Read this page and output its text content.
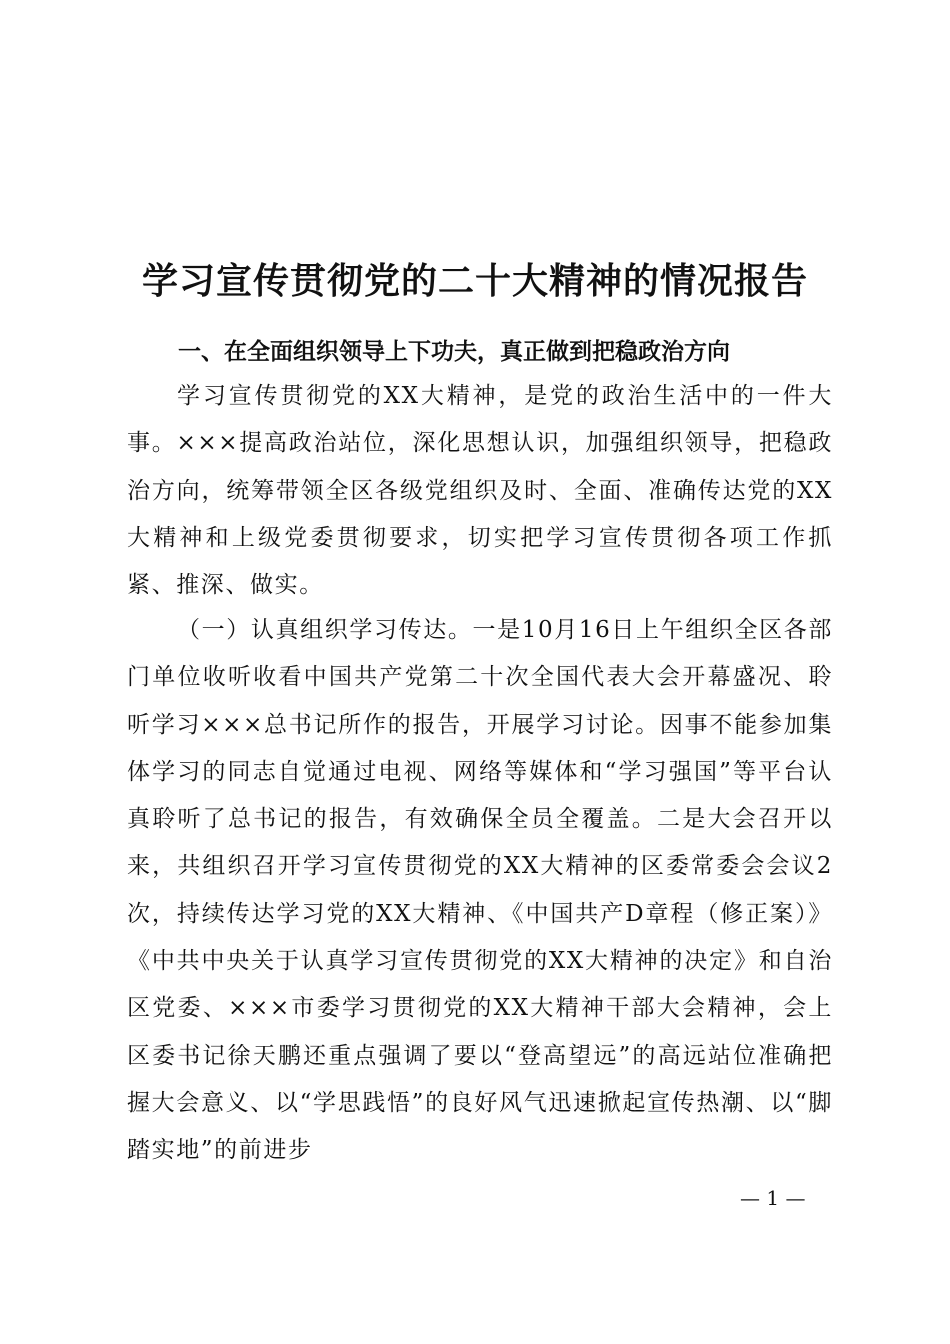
学习宣传贯彻党的二十大精神的情况报告
一、在全面组织领导上下功夫，真正做到把稳政治方向

学习宣传贯彻党的XX大精神，是党的政治生活中的一件大事。×××提高政治站位，深化思想认识，加强组织领导，把稳政治方向，统筹带领全区各级党组织及时、全面、准确传达党的XX大精神和上级党委贯彻要求，切实把学习宣传贯彻各项工作抓紧、推深、做实。

（一）认真组织学习传达。一是10月16日上午组织全区各部门单位收听收看中国共产党第二十次全国代表大会开幕盛况、聆听学习×××总书记所作的报告，开展学习讨论。因事不能参加集体学习的同志自觉通过电视、网络等媒体和“学习强国”等平台认真聆听了总书记的报告，有效确保全员全覆盖。二是大会召开以来，共组织召开学习宣传贯彻党的XX大精神的区委常委会会议2次，持续传达学习党的XX大精神、《中国共产D章程（修正案）》《中共中央关于认真学习宣传贯彻党的XX大精神的决定》和自治区党委、×××市委学习贯彻党的XX大精神干部大会精神，会上区委书记徐天鹏还重点强调了要以“登高望远”的高远站位准确把握大会意义、以“学思践悟”的良好风气迅速掀起宣传热潮、以“脚踏实地”的前进步

— 1 —
